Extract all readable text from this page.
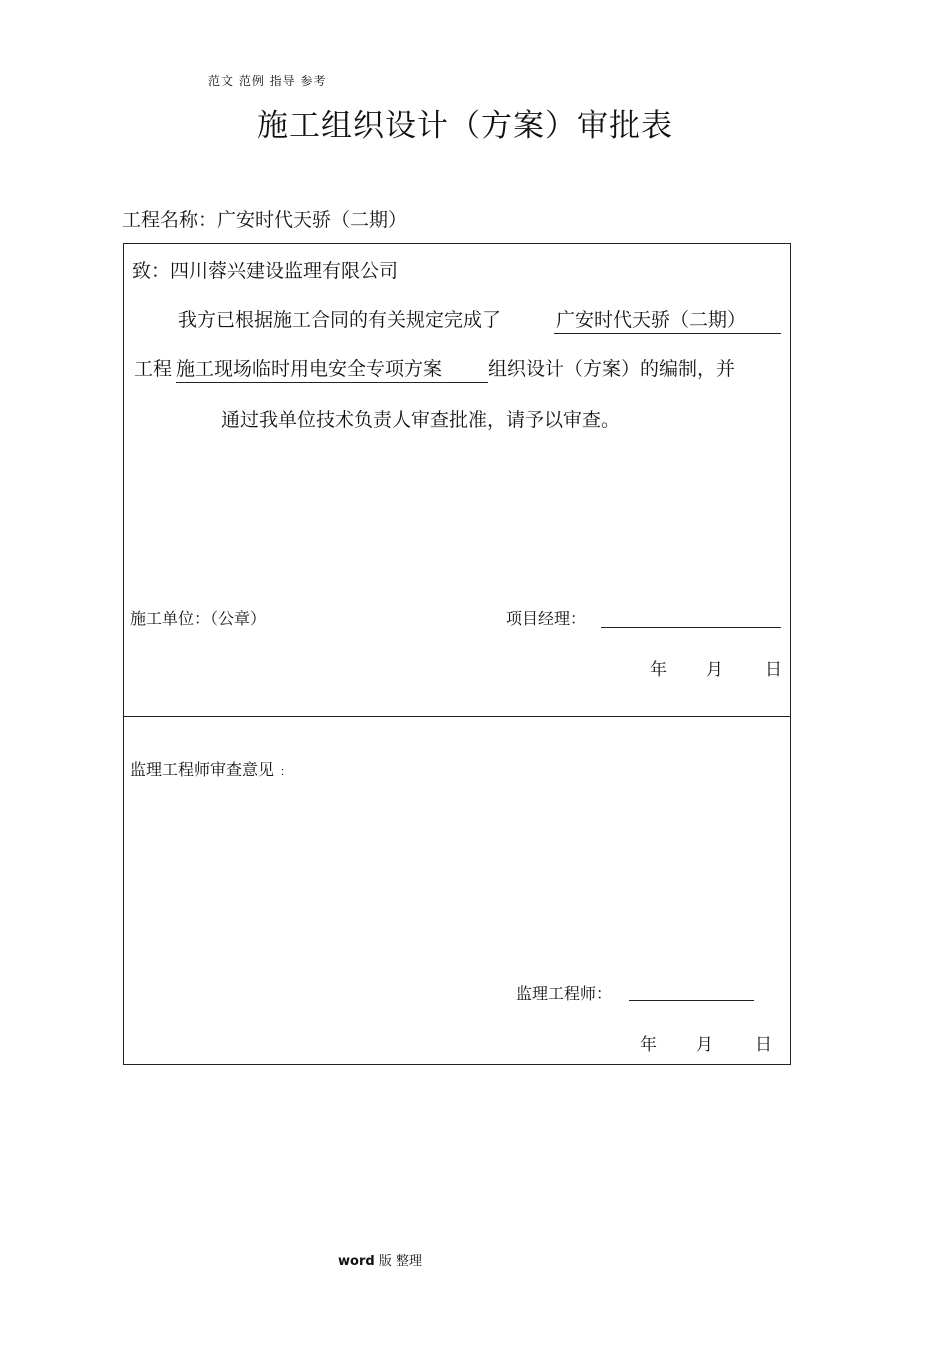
范文 范例 指导 参考
施工组织设计（方案）审批表
工程名称：广安时代天骄（二期）
致：四川蓉兴建设监理有限公司
我方已根据施工合同的有关规定完成了	广安时代天骄（二期）
工程 施工现场临时用电安全专项方案 组织设计（方案）的编制，并
通过我单位技术负责人审查批准，请予以审查。
施工单位：（公章）	项目经理：
年 月 日
监理工程师审查意见 ：
监理工程师：
年 月 日
word 版 整理
